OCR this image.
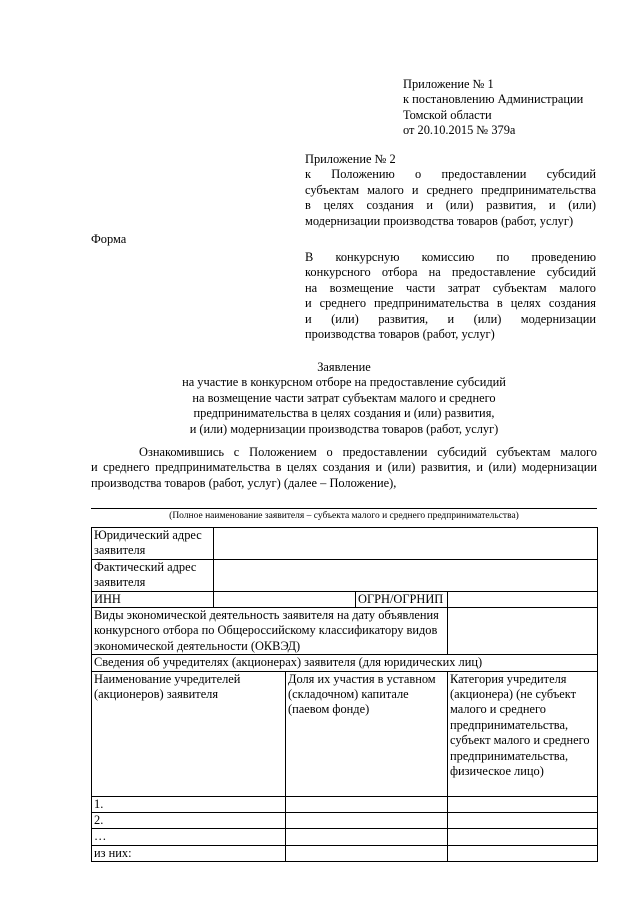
Приложение № 1
к постановлению Администрации
Томской области
от 20.10.2015 № 379а
Приложение № 2
к Положению о предоставлении субсидий
субъектам малого и среднего предпринимательства
в целях создания и (или) развития, и (или)
модернизации производства товаров (работ, услуг)
Форма
В конкурсную комиссию по проведению
конкурсного отбора на предоставление субсидий
на возмещение части затрат субъектам малого
и среднего предпринимательства в целях создания
и (или) развития, и (или) модернизации
производства товаров (работ, услуг)
Заявление
на участие в конкурсном отборе на предоставление субсидий
на возмещение части затрат субъектам малого и среднего
предпринимательства в целях создания и (или) развития,
и (или) модернизации производства товаров (работ, услуг)
Ознакомившись с Положением о предоставлении субсидий субъектам малого
и среднего предпринимательства в целях создания и (или) развития, и (или) модернизации
производства товаров (работ, услуг) (далее – Положение),
(Полное наименование заявителя – субъекта малого и среднего предпринимательства)
Юридический адрес заявителя				
Фактический адрес заявителя				
ИНН			ОГРН/ОГРНИП	
Виды экономической деятельность заявителя на дату объявления конкурсного отбора по Общероссийскому классификатору видов экономической деятельности (ОКВЭД)				
Сведения об учредителях (акционерах) заявителя (для юридических лиц)				
Наименование учредителей (акционеров) заявителя		Доля их участия в уставном (складочном) капитале (паевом фонде)		Категория учредителя (акционера) (не субъект малого и среднего предпринимательства, субъект малого и среднего предпринимательства, физическое лицо)
1.				
2.				
…				
из них:				
